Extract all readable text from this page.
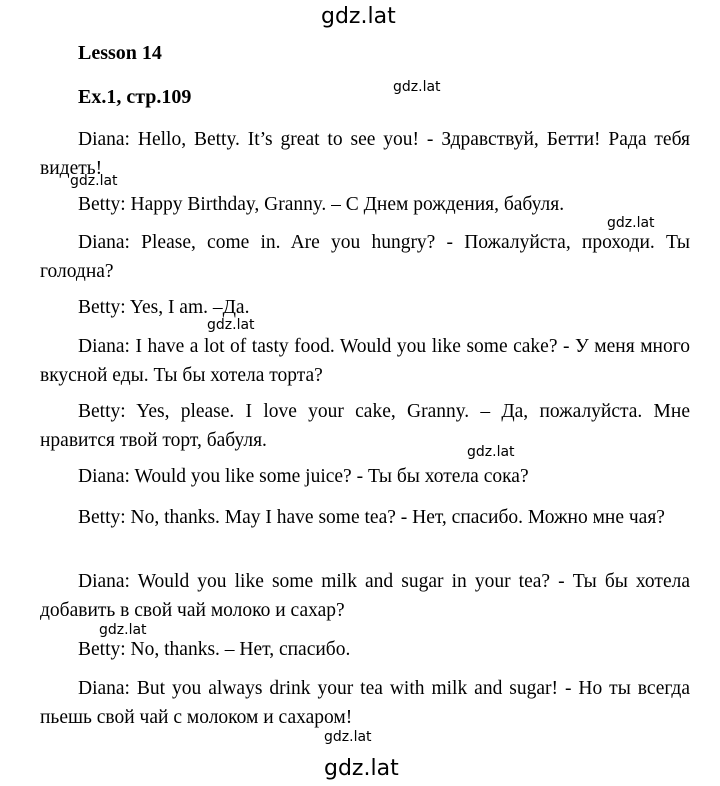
gdz.lat
Lesson 14
Ex.1, стр.109	gdz.lat
Diana: Hello, Betty. It’s great to see you! - Здравствуй, Бетти! Рада тебя видеть!
gdz.lat
Betty: Happy Birthday, Granny. – С Днем рождения, бабуля.
gdz.lat
Diana: Please, come in. Are you hungry? - Пожалуйста, проходи. Ты голодна?
Betty: Yes, I am. –Да.
gdz.lat
Diana: I have a lot of tasty food. Would you like some cake? - У меня много вкусной еды. Ты бы хотела торта?
Betty: Yes, please. I love your cake, Granny. – Да, пожалуйста. Мне нравится твой торт, бабуля.
gdz.lat
Diana: Would you like some juice? - Ты бы хотела сока?
Betty: No, thanks. May I have some tea? - Нет, спасибо. Можно мне чая?
Diana: Would you like some milk and sugar in your tea? - Ты бы хотела добавить в свой чай молоко и сахар?
gdz.lat
Betty: No, thanks. – Нет, спасибо.
Diana: But you always drink your tea with milk and sugar! - Но ты всегда пьешь свой чай с молоком и сахаром!
gdz.lat
gdz.lat
